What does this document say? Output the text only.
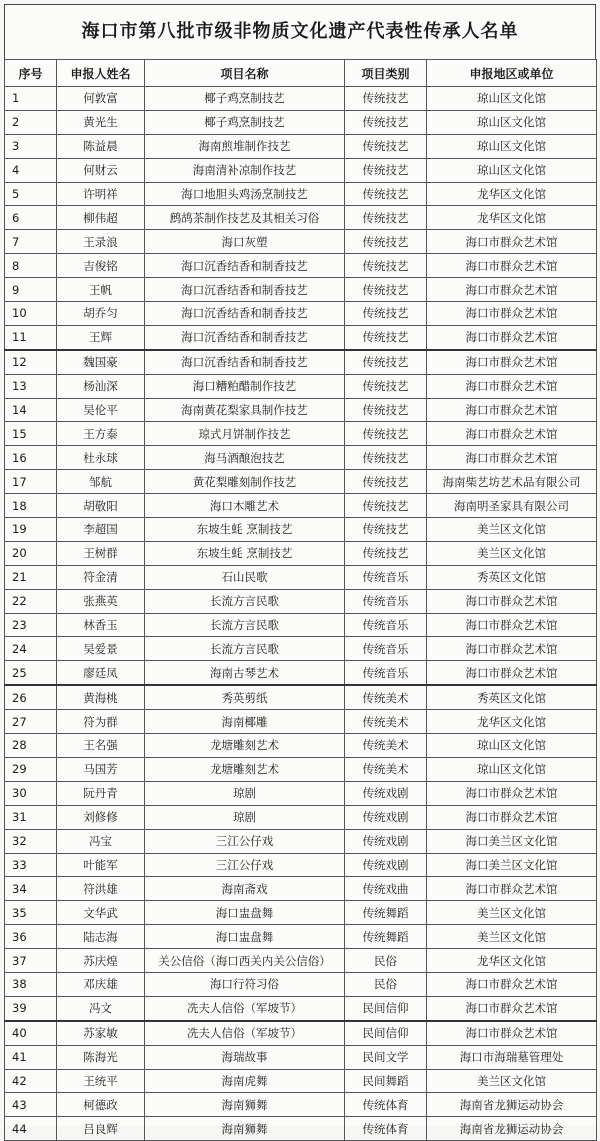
海口市第八批市级非物质文化遗产代表性传承人名单
序号	申报人姓名	项目名称	项目类别	申报地区或单位
1	何敦富	椰子鸡烹制技艺	传统技艺	琼山区文化馆
2	黄光生	椰子鸡烹制技艺	传统技艺	琼山区文化馆
3	陈益晨	海南煎堆制作技艺	传统技艺	琼山区文化馆
4	何财云	海南清补凉制作技艺	传统技艺	琼山区文化馆
5	许明祥	海口地胆头鸡汤烹制技艺	传统技艺	龙华区文化馆
6	柳伟超	鹧鸪茶制作技艺及其相关习俗	传统技艺	龙华区文化馆
7	王录浪	海口灰塑	传统技艺	海口市群众艺术馆
8	吉俊铭	海口沉香结香和制香技艺	传统技艺	海口市群众艺术馆
9	王帆	海口沉香结香和制香技艺	传统技艺	海口市群众艺术馆
10	胡乔匀	海口沉香结香和制香技艺	传统技艺	海口市群众艺术馆
11	王辉	海口沉香结香和制香技艺	传统技艺	海口市群众艺术馆
12	魏国豪	海口沉香结香和制香技艺	传统技艺	海口市群众艺术馆
13	杨汕深	海口糟粕醋制作技艺	传统技艺	海口市群众艺术馆
14	吴伦平	海南黄花梨家具制作技艺	传统技艺	海口市群众艺术馆
15	王方泰	琼式月饼制作技艺	传统技艺	海口市群众艺术馆
16	杜永球	海马酒酿泡技艺	传统技艺	海口市群众艺术馆
17	邹航	黄花梨雕刻制作技艺	传统技艺	海南柴艺坊艺术品有限公司
18	胡敬阳	海口木雕艺术	传统技艺	海南明圣家具有限公司
19	李超国	东坡生蚝 烹制技艺	传统技艺	美兰区文化馆
20	王树群	东坡生蚝 烹制技艺	传统技艺	美兰区文化馆
21	符金清	石山民歌	传统音乐	秀英区文化馆
22	张燕英	长流方言民歌	传统音乐	海口市群众艺术馆
23	林香玉	长流方言民歌	传统音乐	海口市群众艺术馆
24	吴爱景	长流方言民歌	传统音乐	海口市群众艺术馆
25	廖廷凤	海南古琴艺术	传统音乐	海口市群众艺术馆
26	黄海桃	秀英剪纸	传统美术	秀英区文化馆
27	符为群	海南椰雕	传统美术	龙华区文化馆
28	王名强	龙塘雕刻艺术	传统美术	琼山区文化馆
29	马国芳	龙塘雕刻艺术	传统美术	琼山区文化馆
30	阮丹青	琼剧	传统戏剧	海口市群众艺术馆
31	刘修修	琼剧	传统戏剧	海口市群众艺术馆
32	冯宝	三江公仔戏	传统戏剧	海口美兰区文化馆
33	叶能军	三江公仔戏	传统戏剧	海口美兰区文化馆
34	符洪雄	海南斋戏	传统戏曲	海口市群众艺术馆
35	文华武	海口盅盘舞	传统舞蹈	美兰区文化馆
36	陆志海	海口盅盘舞	传统舞蹈	美兰区文化馆
37	苏庆煌	关公信俗（海口西关内关公信俗）	民俗	龙华区文化馆
38	邓庆雄	海口行符习俗	民俗	海口市群众艺术馆
39	冯文	冼夫人信俗（军坡节）	民间信仰	海口市群众艺术馆
40	苏家敏	冼夫人信俗（军坡节）	民间信仰	海口市群众艺术馆
41	陈海光	海瑞故事	民间文学	海口市海瑞墓管理处
42	王统平	海南虎舞	民间舞蹈	美兰区文化馆
43	柯德政	海南狮舞	传统体育	海南省龙狮运动协会
44	吕良辉	海南狮舞	传统体育	海南省龙狮运动协会
